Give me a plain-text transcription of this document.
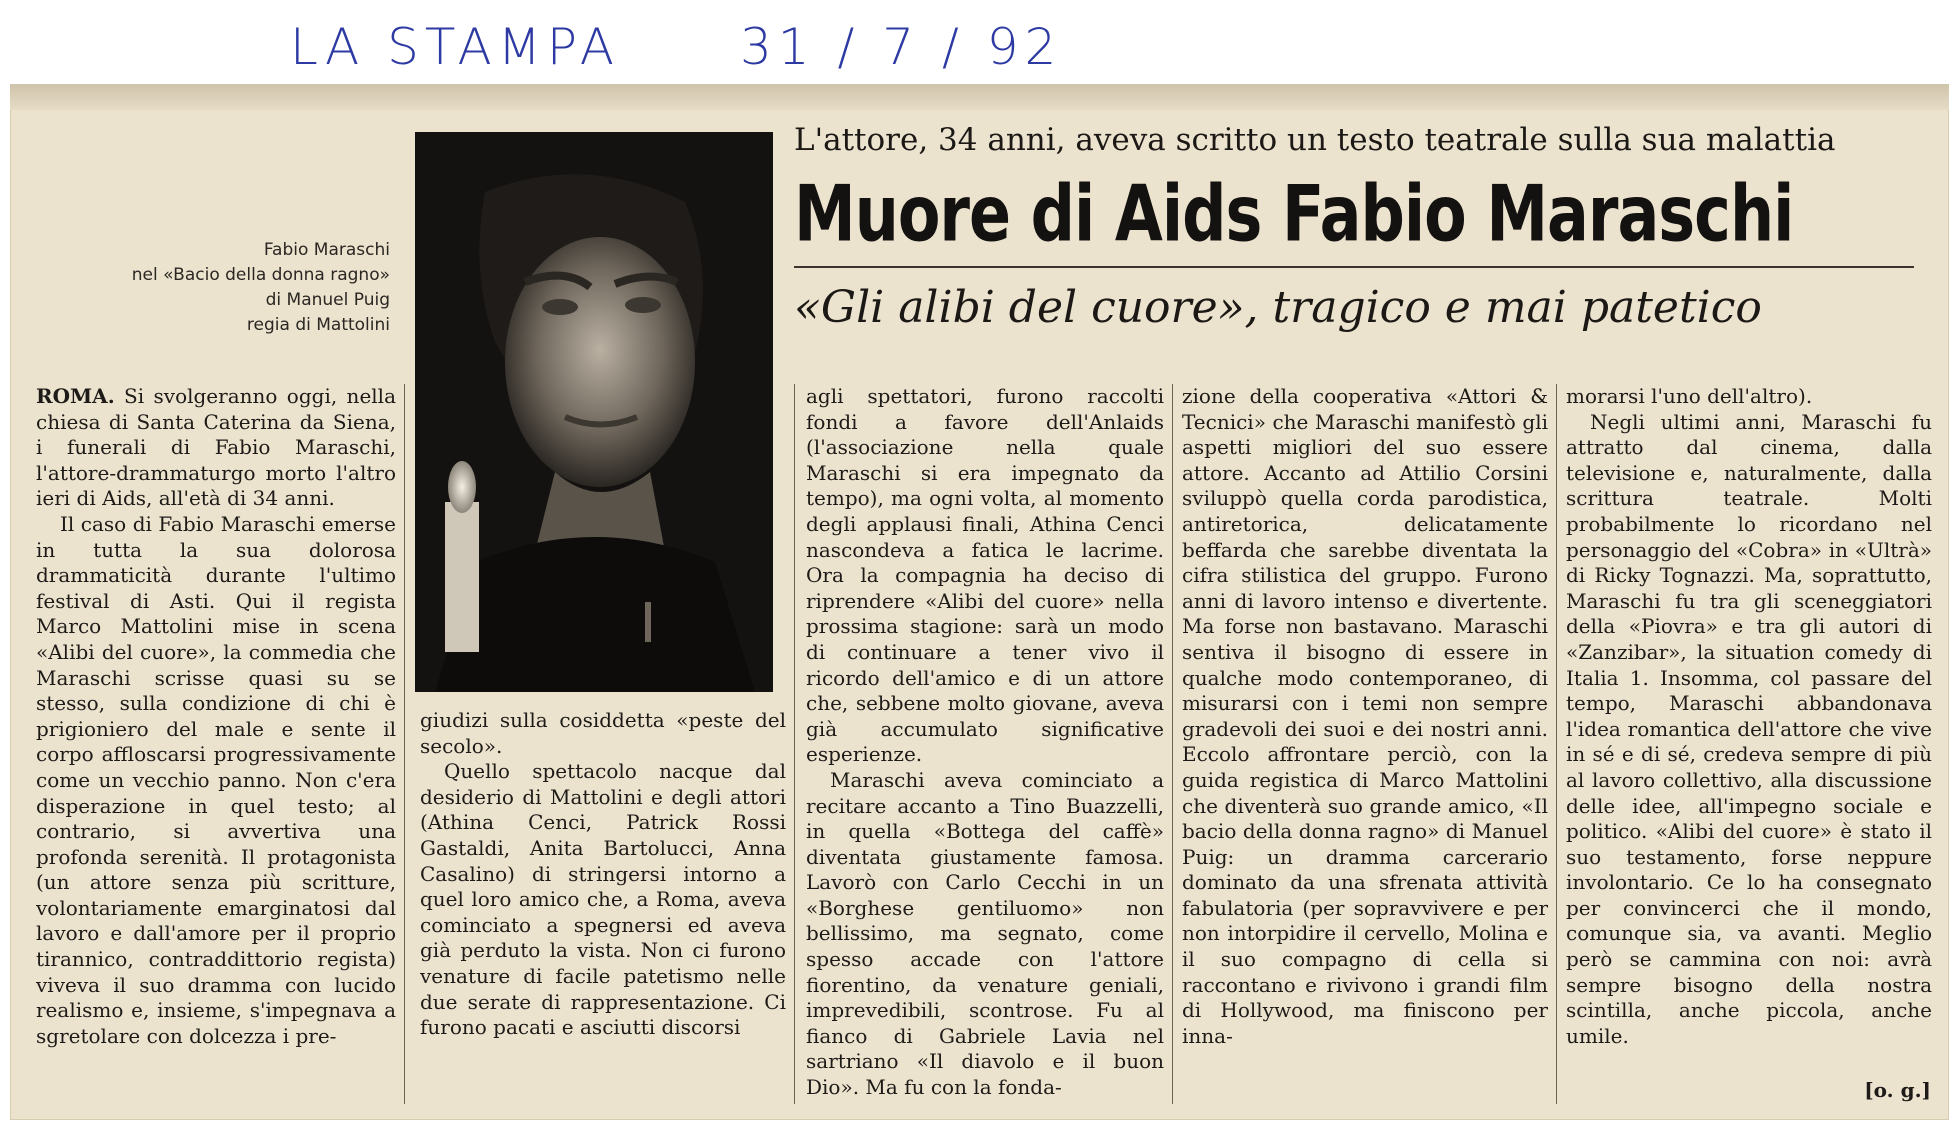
LA STAMPA 31 / 7 / 92

Fabio Maraschi
nel «Bacio della donna ragno»
di Manuel Puig
regia di Mattolini
L'attore, 34 anni, aveva scritto un testo teatrale sulla sua malattia
Muore di Aids Fabio Maraschi
«Gli alibi del cuore», tragico e mai patetico

ROMA. Si svolgeranno oggi, nella chiesa di Santa Caterina da Siena, i funerali di Fabio Maraschi, l'attore-drammaturgo morto l'altro ieri di Aids, all'età di 34 anni.

Il caso di Fabio Maraschi emerse in tutta la sua dolorosa drammaticità durante l'ultimo festival di Asti. Qui il regista Marco Mattolini mise in scena «Alibi del cuore», la commedia che Maraschi scrisse quasi su se stesso, sulla condizione di chi è prigioniero del male e sente il corpo affloscarsi progressivamente come un vecchio panno. Non c'era disperazione in quel testo; al contrario, si avvertiva una profonda serenità. Il protagonista (un attore senza più scritture, volontariamente emarginatosi dal lavoro e dall'amore per il proprio tirannico, contraddittorio regista) viveva il suo dramma con lucido realismo e, insieme, s'impegnava a sgretolare con dolcezza i pre-

giudizi sulla cosiddetta «peste del secolo».

Quello spettacolo nacque dal desiderio di Mattolini e degli attori (Athina Cenci, Patrick Rossi Gastaldi, Anita Bartolucci, Anna Casalino) di stringersi intorno a quel loro amico che, a Roma, aveva cominciato a spegnersi ed aveva già perduto la vista. Non ci furono venature di facile patetismo nelle due serate di rappresentazione. Ci furono pacati e asciutti discorsi

agli spettatori, furono raccolti fondi a favore dell'Anlaids (l'associazione nella quale Maraschi si era impegnato da tempo), ma ogni volta, al momento degli applausi finali, Athina Cenci nascondeva a fatica le lacrime. Ora la compagnia ha deciso di riprendere «Alibi del cuore» nella prossima stagione: sarà un modo di continuare a tener vivo il ricordo dell'amico e di un attore che, sebbene molto giovane, aveva già accumulato significative esperienze.

Maraschi aveva cominciato a recitare accanto a Tino Buazzelli, in quella «Bottega del caffè» diventata giustamente famosa. Lavorò con Carlo Cecchi in un «Borghese gentiluomo» non bellissimo, ma segnato, come spesso accade con l'attore fiorentino, da venature geniali, imprevedibili, scontrose. Fu al fianco di Gabriele Lavia nel sartriano «Il diavolo e il buon Dio». Ma fu con la fonda-

zione della cooperativa «Attori & Tecnici» che Maraschi manifestò gli aspetti migliori del suo essere attore. Accanto ad Attilio Corsini sviluppò quella corda parodistica, antiretorica, delicatamente beffarda che sarebbe diventata la cifra stilistica del gruppo. Furono anni di lavoro intenso e divertente. Ma forse non bastavano. Maraschi sentiva il bisogno di essere in qualche modo contemporaneo, di misurarsi con i temi non sempre gradevoli dei suoi e dei nostri anni. Eccolo affrontare perciò, con la guida registica di Marco Mattolini che diventerà suo grande amico, «Il bacio della donna ragno» di Manuel Puig: un dramma carcerario dominato da una sfrenata attività fabulatoria (per sopravvivere e per non intorpidire il cervello, Molina e il suo compagno di cella si raccontano e rivivono i grandi film di Hollywood, ma finiscono per inna-

morarsi l'uno dell'altro).

Negli ultimi anni, Maraschi fu attratto dal cinema, dalla televisione e, naturalmente, dalla scrittura teatrale. Molti probabilmente lo ricordano nel personaggio del «Cobra» in «Ultrà» di Ricky Tognazzi. Ma, soprattutto, Maraschi fu tra gli sceneggiatori della «Piovra» e tra gli autori di «Zanzibar», la situation comedy di Italia 1. Insomma, col passare del tempo, Maraschi abbandonava l'idea romantica dell'attore che vive in sé e di sé, credeva sempre di più al lavoro collettivo, alla discussione delle idee, all'impegno sociale e politico. «Alibi del cuore» è stato il suo testamento, forse neppure involontario. Ce lo ha consegnato per convincerci che il mondo, comunque sia, va avanti. Meglio però se cammina con noi: avrà sempre bisogno della nostra scintilla, anche piccola, anche umile.

[o. g.]
